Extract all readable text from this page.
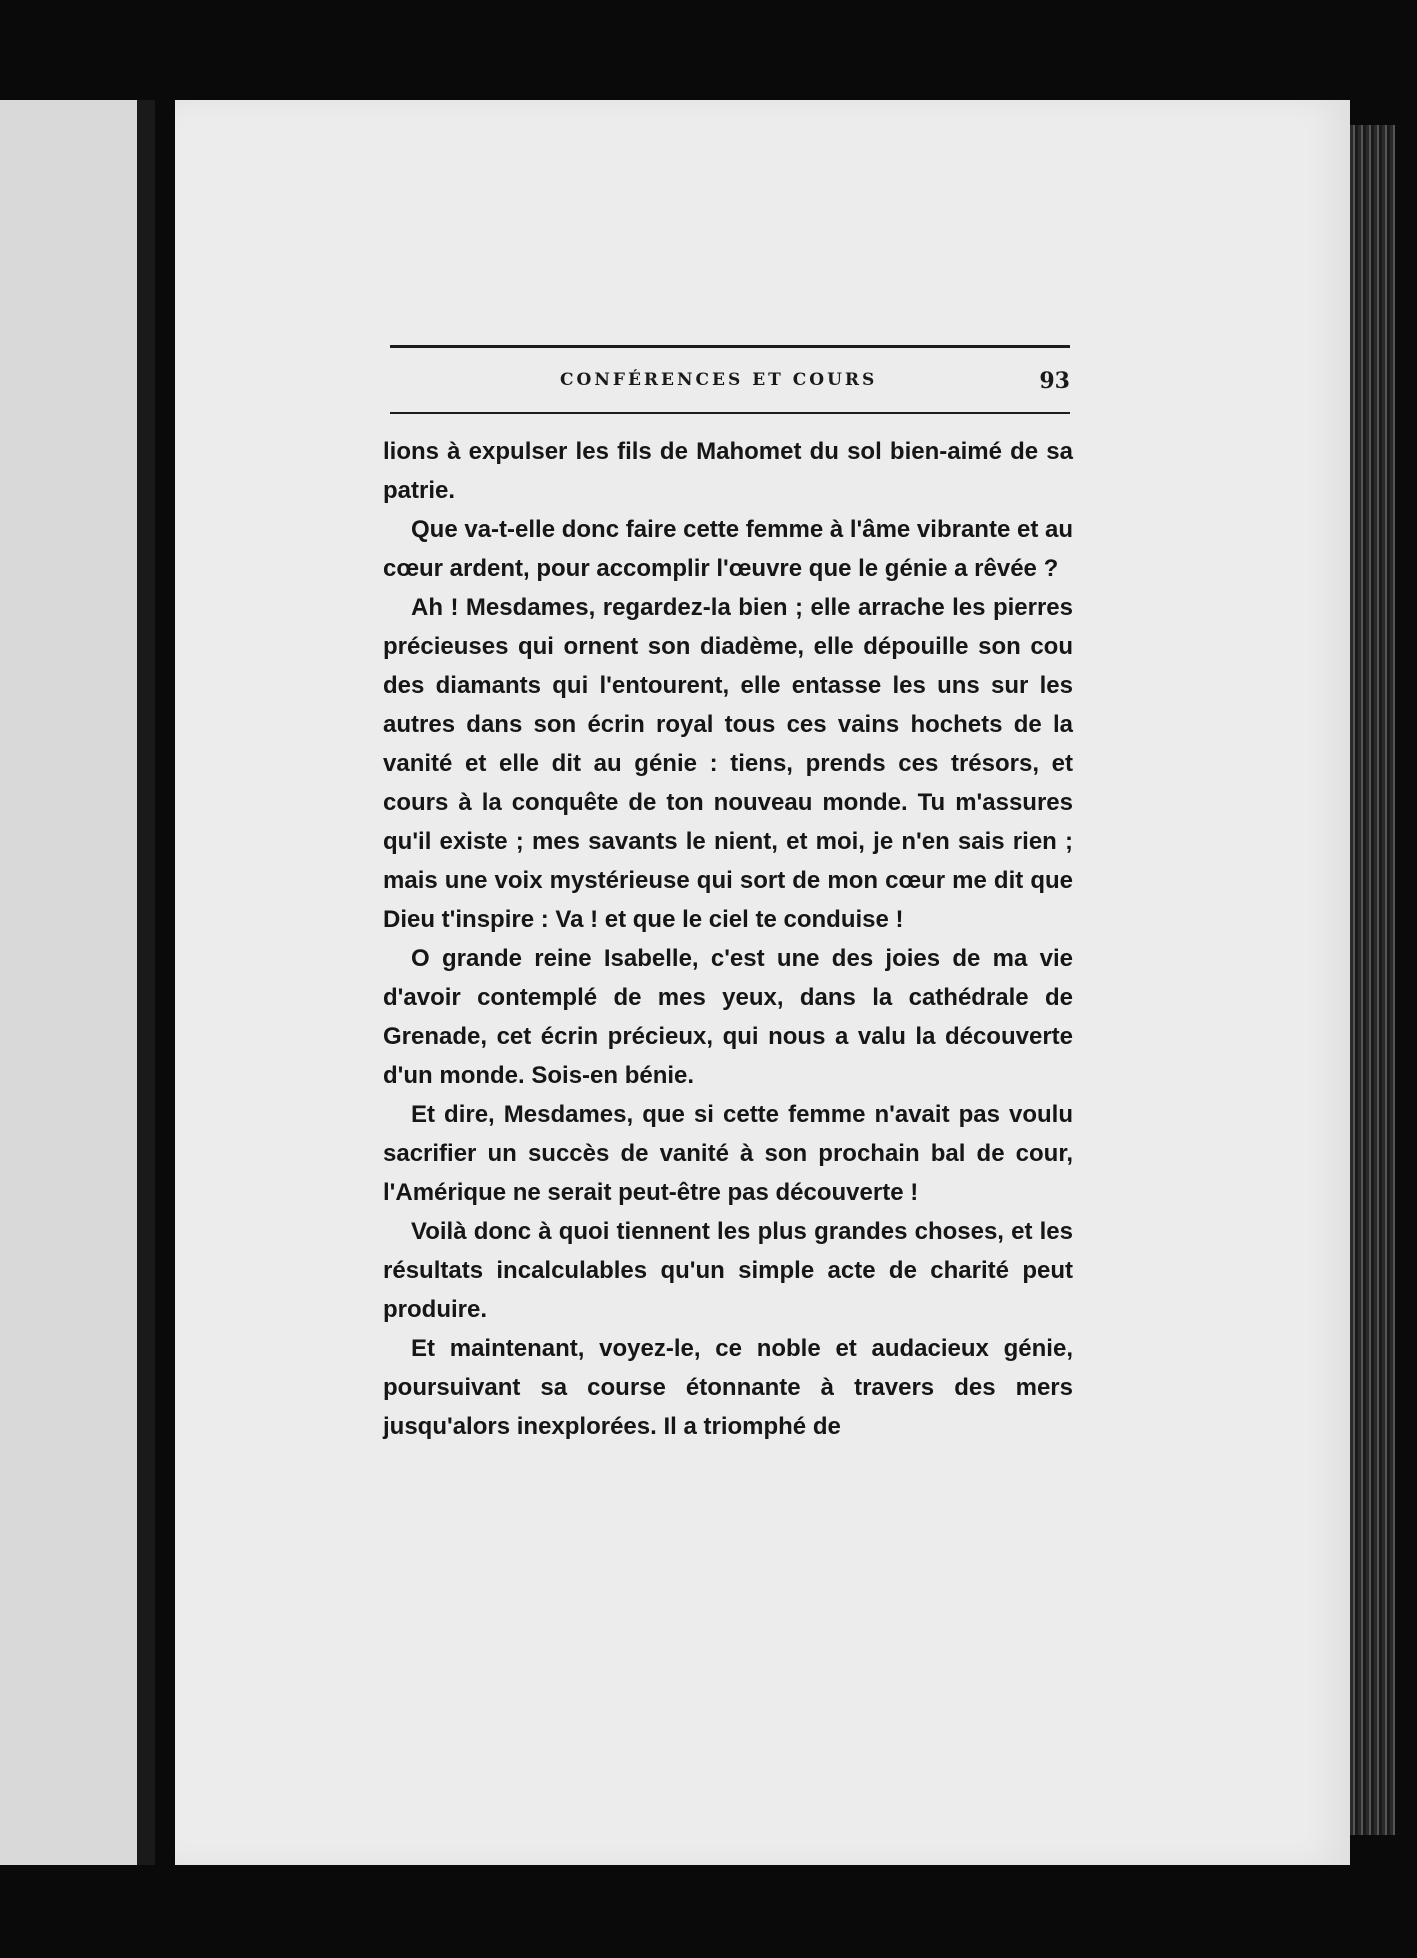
CONFÉRENCES ET COURS	93

lions à expulser les fils de Mahomet du sol bien-aimé de sa patrie.

Que va-t-elle donc faire cette femme à l'âme vibrante et au cœur ardent, pour accomplir l'œuvre que le génie a rêvée ?

Ah ! Mesdames, regardez-la bien ; elle arrache les pierres précieuses qui ornent son diadème, elle dépouille son cou des diamants qui l'entourent, elle entasse les uns sur les autres dans son écrin royal tous ces vains hochets de la vanité et elle dit au génie : tiens, prends ces trésors, et cours à la conquête de ton nouveau monde. Tu m'assures qu'il existe ; mes savants le nient, et moi, je n'en sais rien ; mais une voix mystérieuse qui sort de mon cœur me dit que Dieu t'inspire : Va ! et que le ciel te conduise !

O grande reine Isabelle, c'est une des joies de ma vie d'avoir contemplé de mes yeux, dans la cathédrale de Grenade, cet écrin précieux, qui nous a valu la découverte d'un monde. Sois-en bénie.

Et dire, Mesdames, que si cette femme n'avait pas voulu sacrifier un succès de vanité à son prochain bal de cour, l'Amérique ne serait peut-être pas découverte !

Voilà donc à quoi tiennent les plus grandes choses, et les résultats incalculables qu'un simple acte de charité peut produire.

Et maintenant, voyez-le, ce noble et audacieux génie, poursuivant sa course étonnante à travers des mers jusqu'alors inexplorées. Il a triomphé de
